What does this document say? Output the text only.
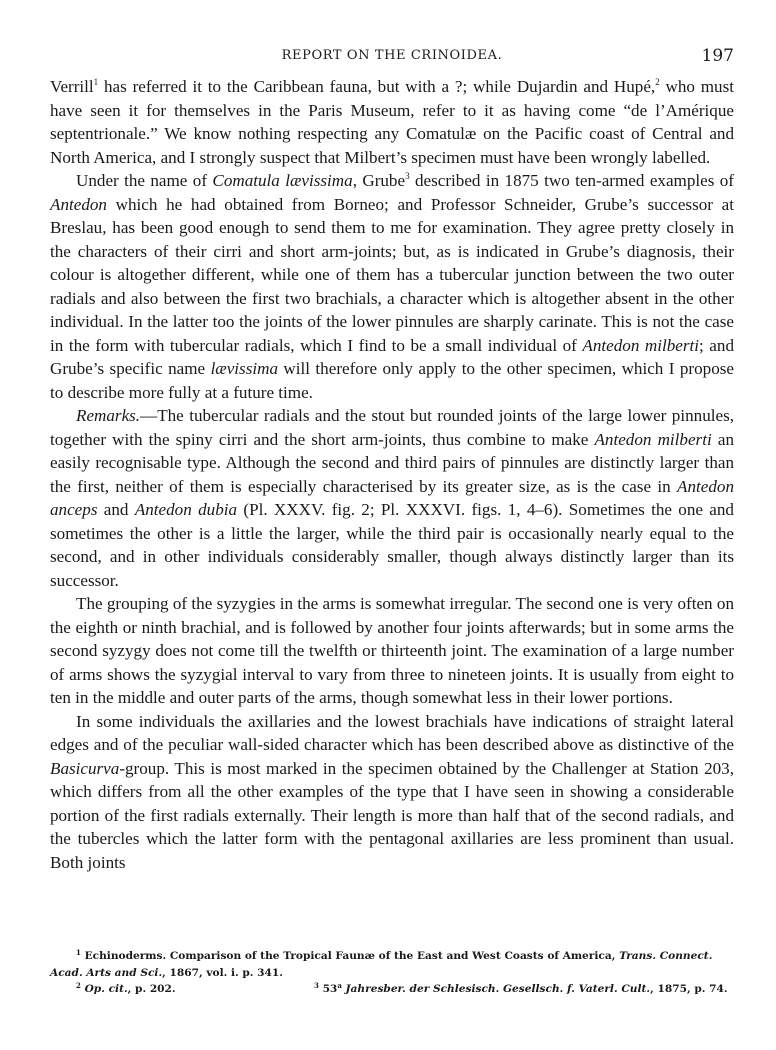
REPORT ON THE CRINOIDEA.	197

Verrill$^1$ has referred it to the Caribbean fauna, but with a ?; while Dujardin and Hupé,$^2$ who must have seen it for themselves in the Paris Museum, refer to it as having come “de l’Amérique septentrionale.” We know nothing respecting any Comatulæ on the Pacific coast of Central and North America, and I strongly suspect that Milbert’s specimen must have been wrongly labelled.

Under the name of Comatula lævissima, Grube$^3$ described in 1875 two ten-armed examples of Antedon which he had obtained from Borneo; and Professor Schneider, Grube’s successor at Breslau, has been good enough to send them to me for examination. They agree pretty closely in the characters of their cirri and short arm-joints; but, as is indicated in Grube’s diagnosis, their colour is altogether different, while one of them has a tubercular junction between the two outer radials and also between the first two brachials, a character which is altogether absent in the other individual. In the latter too the joints of the lower pinnules are sharply carinate. This is not the case in the form with tubercular radials, which I find to be a small individual of Antedon milberti; and Grube’s specific name lævissima will therefore only apply to the other specimen, which I propose to describe more fully at a future time.

Remarks.—The tubercular radials and the stout but rounded joints of the large lower pinnules, together with the spiny cirri and the short arm-joints, thus combine to make Antedon milberti an easily recognisable type. Although the second and third pairs of pinnules are distinctly larger than the first, neither of them is especially characterised by its greater size, as is the case in Antedon anceps and Antedon dubia (Pl. XXXV. fig. 2; Pl. XXXVI. figs. 1, 4–6). Sometimes the one and sometimes the other is a little the larger, while the third pair is occasionally nearly equal to the second, and in other individuals considerably smaller, though always distinctly larger than its successor.

The grouping of the syzygies in the arms is somewhat irregular. The second one is very often on the eighth or ninth brachial, and is followed by another four joints afterwards; but in some arms the second syzygy does not come till the twelfth or thirteenth joint. The examination of a large number of arms shows the syzygial interval to vary from three to nineteen joints. It is usually from eight to ten in the middle and outer parts of the arms, though somewhat less in their lower portions.

In some individuals the axillaries and the lowest brachials have indications of straight lateral edges and of the peculiar wall-sided character which has been described above as distinctive of the Basicurva-group. This is most marked in the specimen obtained by the Challenger at Station 203, which differs from all the other examples of the type that I have seen in showing a considerable portion of the first radials externally. Their length is more than half that of the second radials, and the tubercles which the latter form with the pentagonal axillaries are less prominent than usual. Both joints

$^1$ Echinoderms. Comparison of the Tropical Faunæ of the East and West Coasts of America, Trans. Connect. Acad. Arts and Sci., 1867, vol. i. p. 341.

$^2$ Op. cit., p. 202.	$^3$ 53$^a$ Jahresber. der Schlesisch. Gesellsch. f. Vaterl. Cult., 1875, p. 74.
